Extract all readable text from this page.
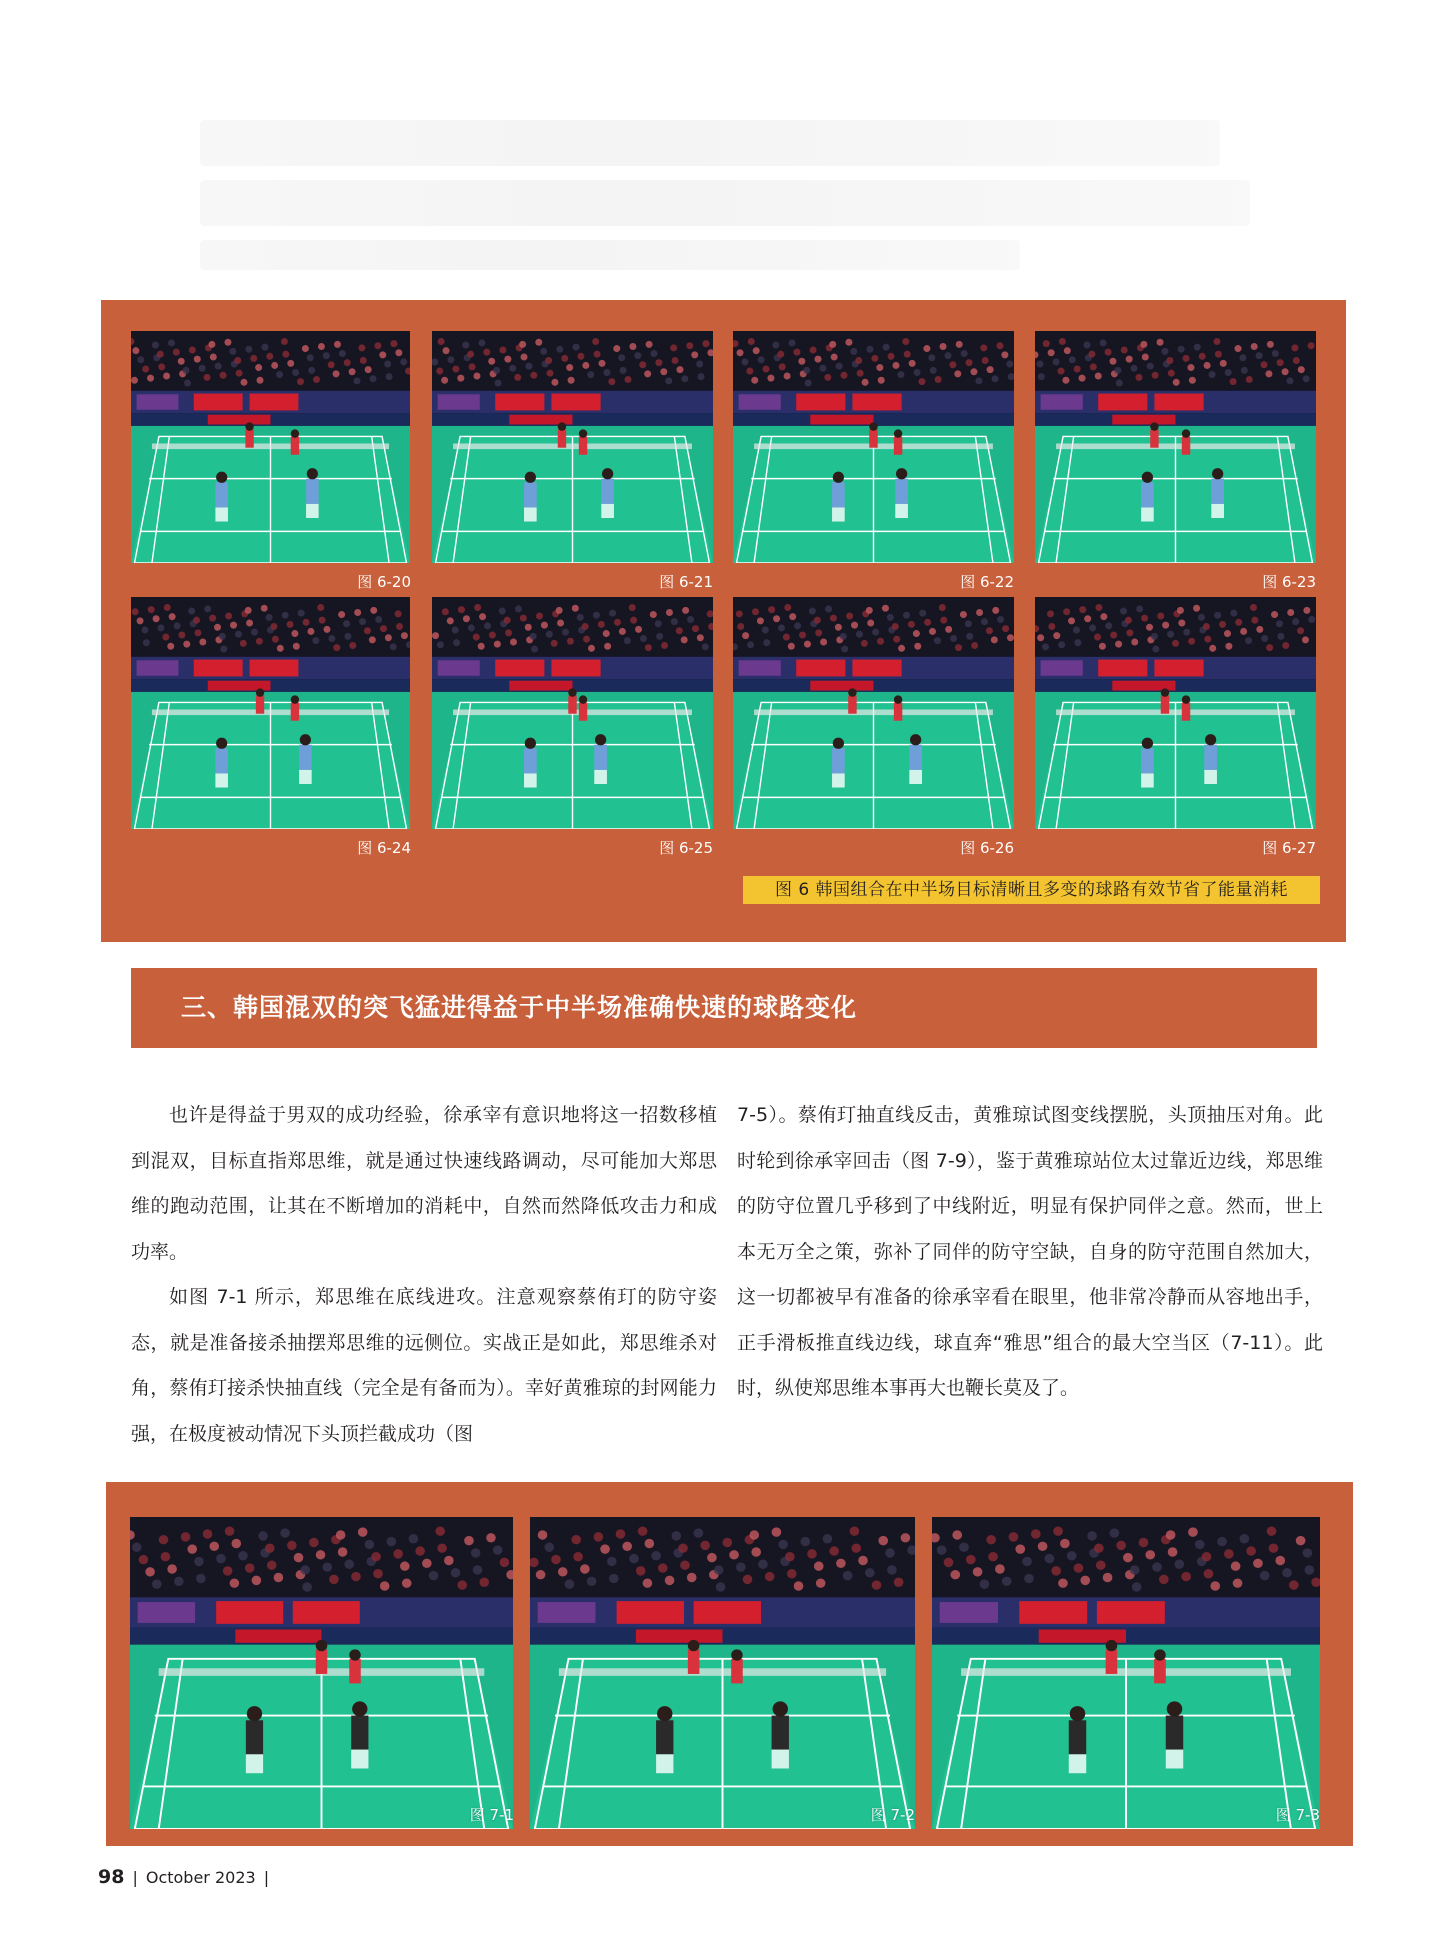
图 6-20	图 6-21	图 6-22	图 6-23
图 6-24	图 6-25	图 6-26	图 6-27
图 6 韩国组合在中半场目标清晰且多变的球路有效节省了能量消耗
三、韩国混双的突飞猛进得益于中半场准确快速的球路变化

也许是得益于男双的成功经验，徐承宰有意识地将这一招数移植到混双，目标直指郑思维，就是通过快速线路调动，尽可能加大郑思维的跑动范围，让其在不断增加的消耗中，自然而然降低攻击力和成功率。

如图 7-1 所示，郑思维在底线进攻。注意观察蔡侑玎的防守姿态，就是准备接杀抽摆郑思维的远侧位。实战正是如此，郑思维杀对角，蔡侑玎接杀快抽直线（完全是有备而为）。幸好黄雅琼的封网能力强，在极度被动情况下头顶拦截成功（图

7-5）。蔡侑玎抽直线反击，黄雅琼试图变线摆脱，头顶抽压对角。此时轮到徐承宰回击（图 7-9），鉴于黄雅琼站位太过靠近边线，郑思维的防守位置几乎移到了中线附近，明显有保护同伴之意。然而，世上本无万全之策，弥补了同伴的防守空缺，自身的防守范围自然加大，这一切都被早有准备的徐承宰看在眼里，他非常冷静而从容地出手，正手滑板推直线边线，球直奔“雅思”组合的最大空当区（7-11）。此时，纵使郑思维本事再大也鞭长莫及了。

图 7-1	图 7-2	图 7-3
98 | October 2023 |
